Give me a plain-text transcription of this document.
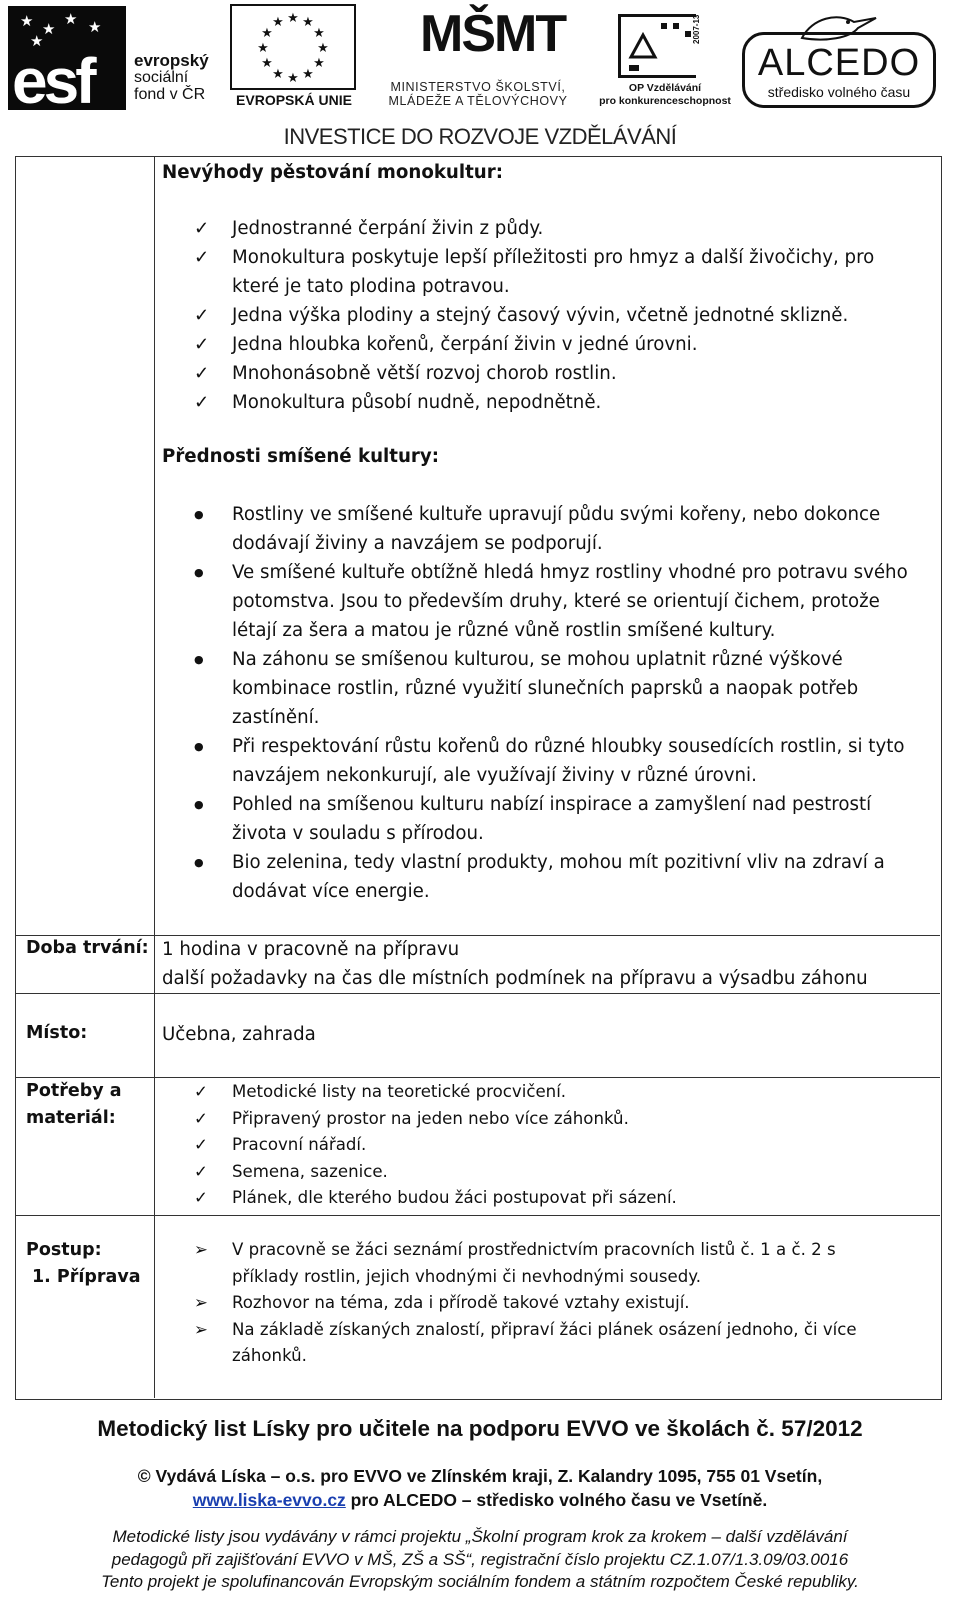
★ ★
★ ★
★
esf evropský
sociální
fond v ČR
★ ★
★
★
★
★
★
★
★
★
★
★
EVROPSKÁ UNIE
MŠMT
MINISTERSTVO ŠKOLSTVÍ,
MLÁDEŽE A TĚLOVÝCHOVY
OP Vzdělávání
pro konkurenceschopnost
2007-13
ALCEDO
středisko volného času
INVESTICE DO ROZVOJE VZDĚLÁVÁNÍ
Nevýhody pěstování monokultur:
✓	Jednostranné čerpání živin z půdy.
✓	Monokultura poskytuje lepší příležitosti pro hmyz a další živočichy, pro které je tato plodina potravou.
✓	Jedna výška plodiny a stejný časový vývin, včetně jednotné sklizně.
✓	Jedna hloubka kořenů, čerpání živin v jedné úrovni.
✓	Mnohonásobně větší rozvoj chorob rostlin.
✓	Monokultura působí nudně, nepodnětně.
Přednosti smíšené kultury:
●	Rostliny ve smíšené kultuře upravují půdu svými kořeny, nebo dokonce dodávají živiny a navzájem se podporují.
●	Ve smíšené kultuře obtížně hledá hmyz rostliny vhodné pro potravu svého potomstva. Jsou to především druhy, které se orientují čichem, protože létají za šera a matou je různé vůně rostlin smíšené kultury.
●	Na záhonu se smíšenou kulturou, se mohou uplatnit různé výškové kombinace rostlin, různé využití slunečních paprsků a naopak potřeb zastínění.
●	Při respektování růstu kořenů do různé hloubky sousedících rostlin, si tyto navzájem nekonkurují, ale využívají živiny v různé úrovni.
●	Pohled na smíšenou kulturu nabízí inspirace a zamyšlení nad pestrostí života v souladu s přírodou.
●	Bio zelenina, tedy vlastní produkty, mohou mít pozitivní vliv na zdraví a dodávat více energie.
Doba trvání: 1 hodina v pracovně na přípravu
další požadavky na čas dle místních podmínek na přípravu a výsadbu záhonu
Místo:	Učebna, zahrada
Potřeby a
materiál:
✓	Metodické listy na teoretické procvičení.
✓	Připravený prostor na jeden nebo více záhonků.
✓	Pracovní nářadí.
✓	Semena, sazenice.
✓	Plánek, dle kterého budou žáci postupovat při sázení.
Postup:
1. Příprava
➢	V pracovně se žáci seznámí prostřednictvím pracovních listů č. 1 a č. 2 s příklady rostlin, jejich vhodnými či nevhodnými sousedy.
➢	Rozhovor na téma, zda i přírodě takové vztahy existují.
➢	Na základě získaných znalostí, připraví žáci plánek osázení jednoho, či více záhonků.
Metodický list Lísky pro učitele na podporu EVVO ve školách č. 57/2012
© Vydává Líska – o.s. pro EVVO ve Zlínském kraji, Z. Kalandry 1095, 755 01 Vsetín,
www.liska-evvo.cz pro ALCEDO – středisko volného času ve Vsetíně.
Metodické listy jsou vydávány v rámci projektu „Školní program krok za krokem – další vzdělávání
pedagogů při zajišťování EVVO v MŠ, ZŠ a SŠ“, registrační číslo projektu CZ.1.07/1.3.09/03.0016
Tento projekt je spolufinancován Evropským sociálním fondem a státním rozpočtem České republiky.
